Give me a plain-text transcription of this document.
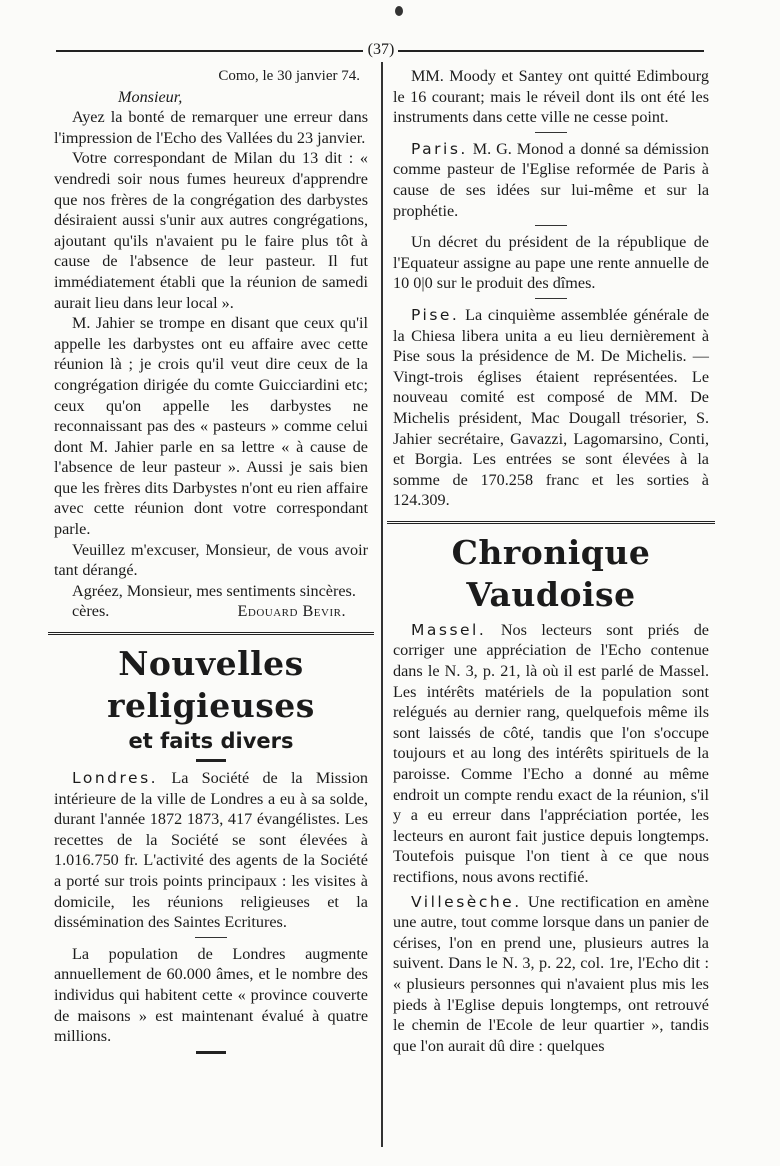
(37)

Como, le 30 janvier 74.

Monsieur,

Ayez la bonté de remarquer une erreur dans l'impression de l'Echo des Vallées du 23 janvier.

Votre correspondant de Milan du 13 dit : « vendredi soir nous fumes heureux d'apprendre que nos frères de la congrégation des darbystes désiraient aussi s'unir aux autres congrégations, ajoutant qu'ils n'avaient pu le faire plus tôt à cause de l'absence de leur pasteur. Il fut immédiatement établi que la réunion de samedi aurait lieu dans leur local ».

M. Jahier se trompe en disant que ceux qu'il appelle les darbystes ont eu affaire avec cette réunion là ; je crois qu'il veut dire ceux de la congrégation dirigée du comte Guicciardini etc; ceux qu'on appelle les darbystes ne reconnaissant pas des « pasteurs » comme celui dont M. Jahier parle en sa lettre « à cause de l'absence de leur pasteur ». Aussi je sais bien que les frères dits Darbystes n'ont eu rien affaire avec cette réunion dont votre correspondant parle.

Veuillez m'excuser, Monsieur, de vous avoir tant dérangé.

Agréez, Monsieur, mes sentiments sincères.

cères.	Edouard Bevir.
Nouvelles religieuses
et faits divers

Londres. La Société de la Mission intérieure de la ville de Londres a eu à sa solde, durant l'année 1872 1873, 417 évangélistes. Les recettes de la Société se sont élevées à 1.016.750 fr. L'activité des agents de la Société a porté sur trois points principaux : les visites à domicile, les réunions religieuses et la dissémination des Saintes Ecritures.

La population de Londres augmente annuellement de 60.000 âmes, et le nombre des individus qui habitent cette « province couverte de maisons » est maintenant évalué à quatre millions.

MM. Moody et Santey ont quitté Edimbourg le 16 courant; mais le réveil dont ils ont été les instruments dans cette ville ne cesse point.

Paris. M. G. Monod a donné sa démission comme pasteur de l'Eglise reformée de Paris à cause de ses idées sur lui-même et sur la prophétie.

Un décret du président de la république de l'Equateur assigne au pape une rente annuelle de 10 0|0 sur le produit des dîmes.

Pise. La cinquième assemblée générale de la Chiesa libera unita a eu lieu dernièrement à Pise sous la présidence de M. De Michelis. — Vingt-trois églises étaient représentées. Le nouveau comité est composé de MM. De Michelis président, Mac Dougall trésorier, S. Jahier secrétaire, Gavazzi, Lagomarsino, Conti, et Borgia. Les entrées se sont élevées à la somme de 170.258 franc et les sorties à 124.309.

Chronique Vaudoise

Massel. Nos lecteurs sont priés de corriger une appréciation de l'Echo contenue dans le N. 3, p. 21, là où il est parlé de Massel. Les intérêts matériels de la population sont relégués au dernier rang, quelquefois même ils sont laissés de côté, tandis que l'on s'occupe toujours et au long des intérêts spirituels de la paroisse. Comme l'Echo a donné au même endroit un compte rendu exact de la réunion, s'il y a eu erreur dans l'appréciation portée, les lecteurs en auront fait justice depuis longtemps. Toutefois puisque l'on tient à ce que nous rectifions, nous avons rectifié.

Villesèche. Une rectification en amène une autre, tout comme lorsque dans un panier de cérises, l'on en prend une, plusieurs autres la suivent. Dans le N. 3, p. 22, col. 1re, l'Echo dit : « plusieurs personnes qui n'avaient plus mis les pieds à l'Eglise depuis longtemps, ont retrouvé le chemin de l'Ecole de leur quartier », tandis que l'on aurait dû dire : quelques
